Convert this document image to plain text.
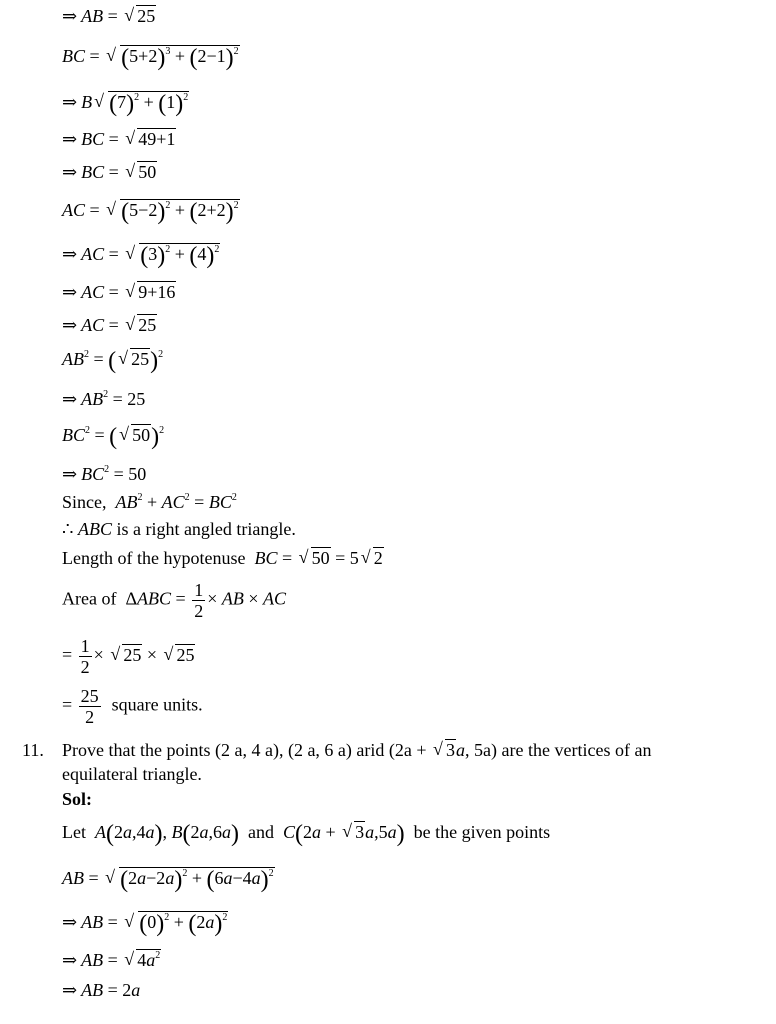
⇒ AB = √ 25
BC = √ $(5+2)^3 + (2-1)^2$
⇒ B √ $(7)^2 + (1)^2$
⇒ BC = √ 49+1
⇒ BC = √ 50
AC = √ $(5-2)^2 + (2+2)^2$
⇒ AC = √ $(3)^2 + (4)^2$
⇒ AC = √ 9+16
⇒ AC = √ 25
$AB^2$ = ( √ 25)$^2$
⇒ $AB^2 = 25$
$BC^2$ = ( √ 50)$^2$
⇒ $BC^2 = 50$
Since, $AB^2 + AC^2 = BC^2$
∴ ABC is a right angled triangle.
Length of the hypotenuse BC = √ 50 = 5 √ 2
Area of  $\Delta ABC = \frac{1}{2}$ × AB × AC
= $\frac{1}{2}$ × √ 25 × √ 25
= $\frac{25}{2}$ square units.
11. Prove that the points (2 a, 4 a), (2 a, 6 a) arid (2a + √ 3a, 5a) are the vertices of an
equilateral triangle.
Sol:
Let A(2a,4a), B(2a,6a) and C(2a + √ 3a,5a) be the given points
AB = √ $(2a-2a)^2 + (6a-4a)^2$
⇒ AB = √ $(0)^2 + (2a)^2$
⇒ AB = √ $4a^2$
⇒ AB = 2a
